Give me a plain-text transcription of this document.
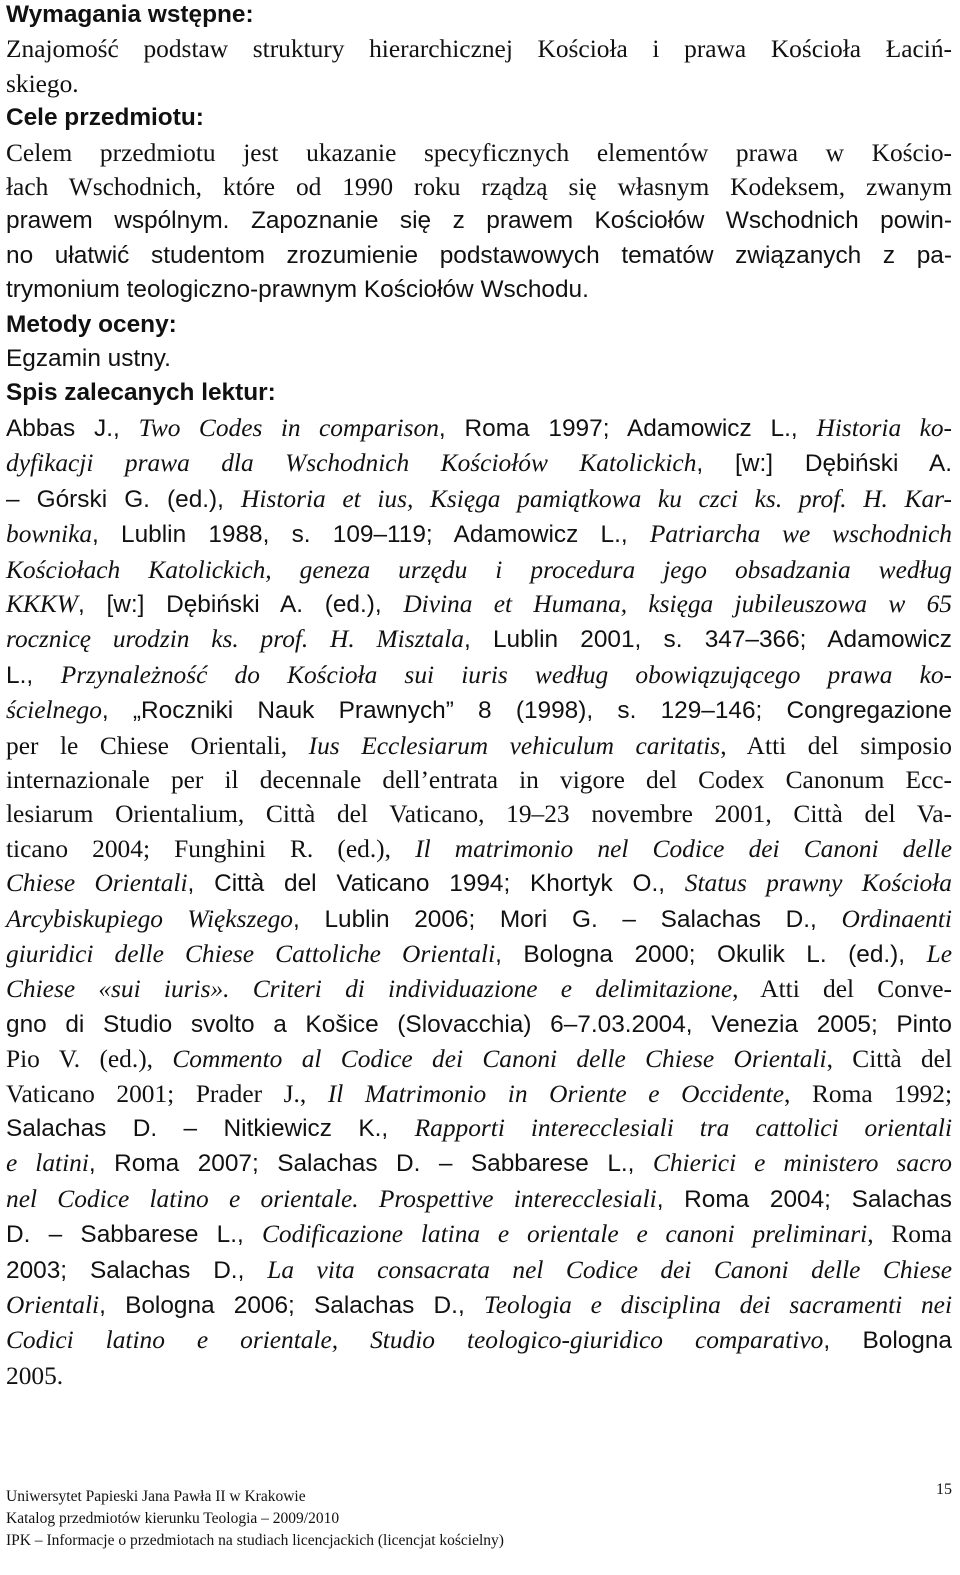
Wymagania wstępne:
Znajomość podstaw struktury hierarchicznej Kościoła i prawa Kościoła Łaciń-
skiego.
Cele przedmiotu:
Celem przedmiotu jest ukazanie specyficznych elementów prawa w Kościo-
łach Wschodnich, które od 1990 roku rządzą się własnym Kodeksem, zwanym
prawem wspólnym. Zapoznanie się z prawem Kościołów Wschodnich powin-
no ułatwić studentom zrozumienie podstawowych tematów związanych z pa-
trymonium teologiczno-prawnym Kościołów Wschodu.
Metody oceny:
Egzamin ustny.
Spis zalecanych lektur:
Abbas J., Two Codes in comparison, Roma 1997; Adamowicz L., Historia ko-
dyfikacji prawa dla Wschodnich Kościołów Katolickich, [w:] Dębiński A.
– Górski G. (ed.), Historia et ius, Księga pamiątkowa ku czci ks. prof. H. Kar-
bownika, Lublin 1988, s. 109–119; Adamowicz L., Patriarcha we wschodnich
Kościołach Katolickich, geneza urzędu i procedura jego obsadzania według
KKKW, [w:] Dębiński A. (ed.), Divina et Humana, księga jubileuszowa w 65
rocznicę urodzin ks. prof. H. Misztala, Lublin 2001, s. 347–366; Adamowicz
L., Przynależność do Kościoła sui iuris według obowiązującego prawa ko-
ścielnego, „Roczniki Nauk Prawnych” 8 (1998), s. 129–146; Congregazione
per le Chiese Orientali, Ius Ecclesiarum vehiculum caritatis, Atti del simposio
internazionale per il decennale dell’entrata in vigore del Codex Canonum Ecc-
lesiarum Orientalium, Città del Vaticano, 19–23 novembre 2001, Città del Va-
ticano 2004; Funghini R. (ed.), Il matrimonio nel Codice dei Canoni delle
Chiese Orientali, Città del Vaticano 1994; Khortyk O., Status prawny Kościoła
Arcybiskupiego Większego, Lublin 2006; Mori G. – Salachas D., Ordinaenti
giuridici delle Chiese Cattoliche Orientali, Bologna 2000; Okulik L. (ed.), Le
Chiese «sui iuris». Criteri di individuazione e delimitazione, Atti del Conve-
gno di Studio svolto a Košice (Slovacchia) 6–7.03.2004, Venezia 2005; Pinto
Pio V. (ed.), Commento al Codice dei Canoni delle Chiese Orientali, Città del
Vaticano 2001; Prader J., Il Matrimonio in Oriente e Occidente, Roma 1992;
Salachas D. – Nitkiewicz K., Rapporti interecclesiali tra cattolici orientali
e latini, Roma 2007; Salachas D. – Sabbarese L., Chierici e ministero sacro
nel Codice latino e orientale. Prospettive interecclesiali, Roma 2004; Salachas
D. – Sabbarese L., Codificazione latina e orientale e canoni preliminari, Roma
2003; Salachas D., La vita consacrata nel Codice dei Canoni delle Chiese
Orientali, Bologna 2006; Salachas D., Teologia e disciplina dei sacramenti nei
Codici latino e orientale, Studio teologico-giuridico comparativo, Bologna
2005.
15
Uniwersytet Papieski Jana Pawła II w Krakowie
Katalog przedmiotów kierunku Teologia – 2009/2010
IPK – Informacje o przedmiotach na studiach licencjackich (licencjat kościelny)
